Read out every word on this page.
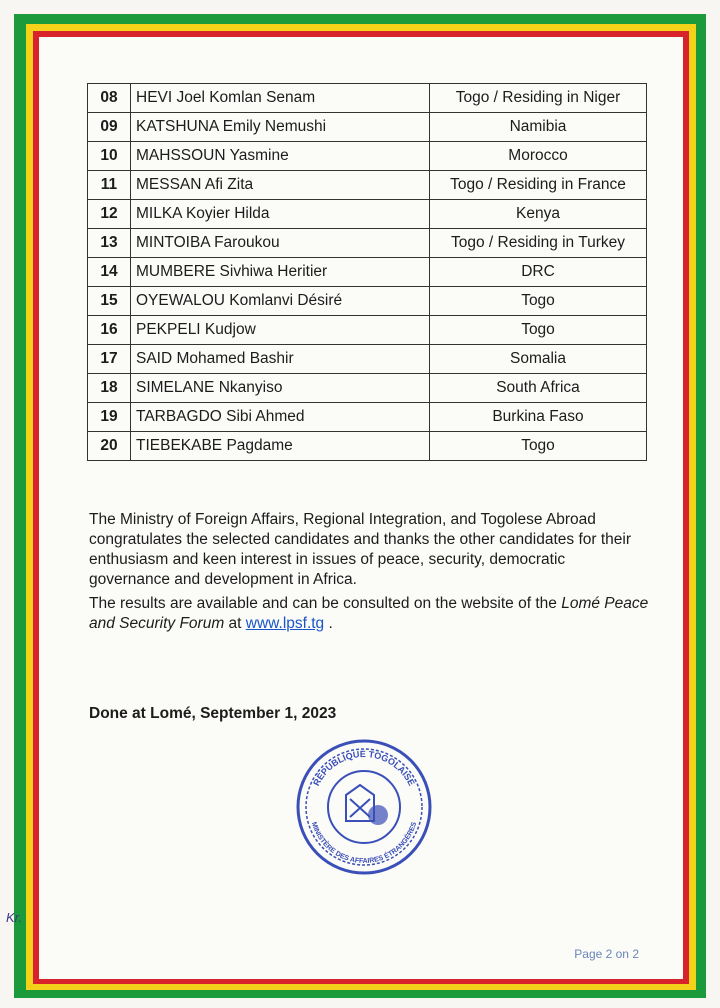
08	HEVI Joel Komlan Senam	Togo / Residing in Niger
09	KATSHUNA Emily Nemushi	Namibia
10	MAHSSOUN Yasmine	Morocco
11	MESSAN Afi Zita	Togo / Residing in France
12	MILKA Koyier Hilda	Kenya
13	MINTOIBA Faroukou	Togo / Residing in Turkey
14	MUMBERE Sivhiwa Heritier	DRC
15	OYEWALOU Komlanvi Désiré	Togo
16	PEKPELI Kudjow	Togo
17	SAID Mohamed Bashir	Somalia
18	SIMELANE Nkanyiso	South Africa
19	TARBAGDO Sibi Ahmed	Burkina Faso
20	TIEBEKABE Pagdame	Togo
The Ministry of Foreign Affairs, Regional Integration, and Togolese Abroad congratulates the selected candidates and thanks the other candidates for their enthusiasm and keen interest in issues of peace, security, democratic governance and development in Africa.
The results are available and can be consulted on the website of the Lomé Peace and Security Forum at www.lpsf.tg .
Done at Lomé, September 1, 2023
RÉPUBLIQUE TOGOLAISE
MINISTÈRE DES AFFAIRES ÉTRANGÈRES
Page 2 on 2
Kr.
